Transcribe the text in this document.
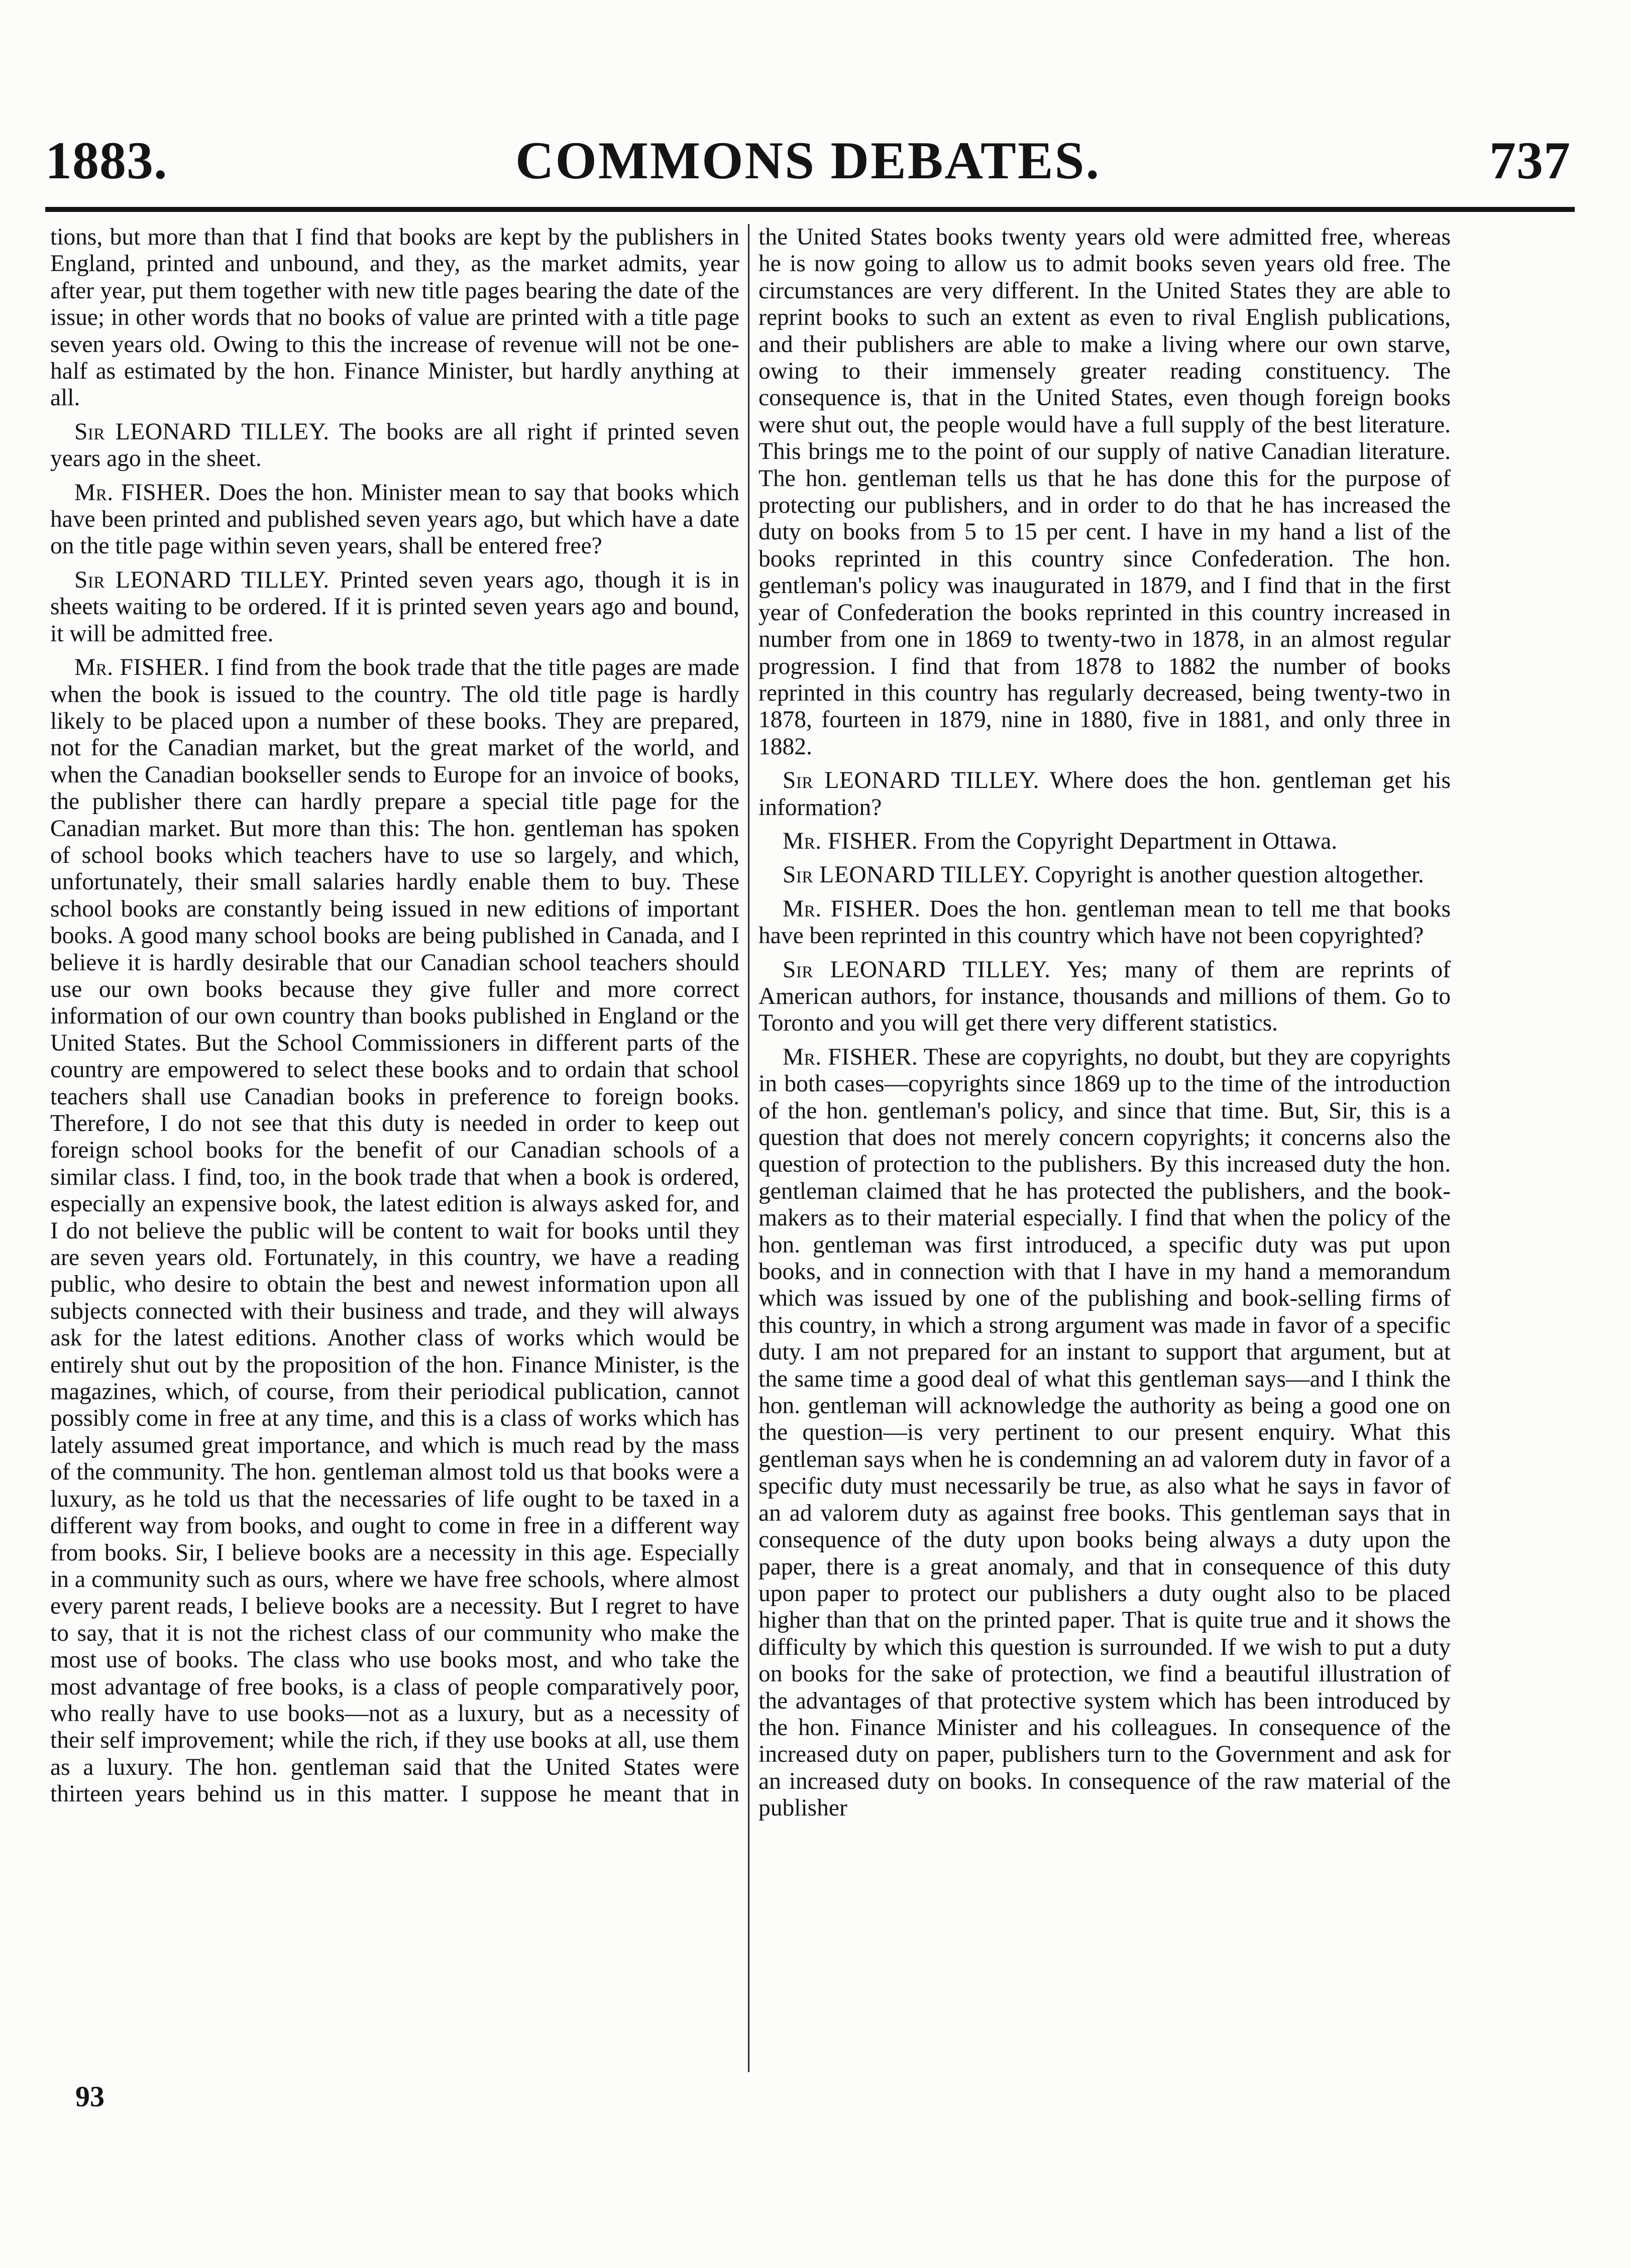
1883.	COMMONS DEBATES.	737

tions, but more than that I find that books are kept by the publishers in England, printed and unbound, and they, as the market admits, year after year, put them together with new title pages bearing the date of the issue; in other words that no books of value are printed with a title page seven years old. Owing to this the increase of revenue will not be one-half as estimated by the hon. Finance Minister, but hardly anything at all.

Sir LEONARD TILLEY. The books are all right if printed seven years ago in the sheet.

Mr. FISHER. Does the hon. Minister mean to say that books which have been printed and published seven years ago, but which have a date on the title page within seven years, shall be entered free?

Sir LEONARD TILLEY. Printed seven years ago, though it is in sheets waiting to be ordered. If it is printed seven years ago and bound, it will be admitted free.

Mr. FISHER. I find from the book trade that the title pages are made when the book is issued to the country. The old title page is hardly likely to be placed upon a number of these books. They are prepared, not for the Canadian market, but the great market of the world, and when the Canadian bookseller sends to Europe for an invoice of books, the publisher there can hardly prepare a special title page for the Canadian market. But more than this: The hon. gentleman has spoken of school books which teachers have to use so largely, and which, unfortunately, their small salaries hardly enable them to buy. These school books are constantly being issued in new editions of important books. A good many school books are being published in Canada, and I believe it is hardly desirable that our Canadian school teachers should use our own books because they give fuller and more correct information of our own country than books published in England or the United States. But the School Commissioners in different parts of the country are empowered to select these books and to ordain that school teachers shall use Canadian books in preference to foreign books. Therefore, I do not see that this duty is needed in order to keep out foreign school books for the benefit of our Canadian schools of a similar class. I find, too, in the book trade that when a book is ordered, especially an expensive book, the latest edition is always asked for, and I do not believe the public will be content to wait for books until they are seven years old. Fortunately, in this country, we have a reading public, who desire to obtain the best and newest information upon all subjects connected with their business and trade, and they will always ask for the latest editions. Another class of works which would be entirely shut out by the proposition of the hon. Finance Minister, is the magazines, which, of course, from their periodical publication, cannot possibly come in free at any time, and this is a class of works which has lately assumed great importance, and which is much read by the mass of the community. The hon. gentleman almost told us that books were a luxury, as he told us that the necessaries of life ought to be taxed in a different way from books, and ought to come in free in a different way from books. Sir, I believe books are a necessity in this age. Especially in a community such as ours, where we have free schools, where almost every parent reads, I believe books are a necessity. But I regret to have to say, that it is not the richest class of our community who make the most use of books. The class who use books most, and who take the most advantage of free books, is a class of people comparatively poor, who really have to use books—not as a luxury, but as a necessity of their self improvement; while the rich, if they use books at all, use them as a luxury. The hon. gentleman said that the United States were thirteen years behind us in this matter. I suppose he meant that in

the United States books twenty years old were admitted free, whereas he is now going to allow us to admit books seven years old free. The circumstances are very different. In the United States they are able to reprint books to such an extent as even to rival English publications, and their publishers are able to make a living where our own starve, owing to their immensely greater reading constituency. The consequence is, that in the United States, even though foreign books were shut out, the people would have a full supply of the best literature. This brings me to the point of our supply of native Canadian literature. The hon. gentleman tells us that he has done this for the purpose of protecting our publishers, and in order to do that he has increased the duty on books from 5 to 15 per cent. I have in my hand a list of the books reprinted in this country since Confederation. The hon. gentleman's policy was inaugurated in 1879, and I find that in the first year of Confederation the books reprinted in this country increased in number from one in 1869 to twenty-two in 1878, in an almost regular progression. I find that from 1878 to 1882 the number of books reprinted in this country has regularly decreased, being twenty-two in 1878, fourteen in 1879, nine in 1880, five in 1881, and only three in 1882.

Sir LEONARD TILLEY. Where does the hon. gentleman get his information?

Mr. FISHER. From the Copyright Department in Ottawa.

Sir LEONARD TILLEY. Copyright is another question altogether.

Mr. FISHER. Does the hon. gentleman mean to tell me that books have been reprinted in this country which have not been copyrighted?

Sir LEONARD TILLEY. Yes; many of them are reprints of American authors, for instance, thousands and millions of them. Go to Toronto and you will get there very different statistics.

Mr. FISHER. These are copyrights, no doubt, but they are copyrights in both cases—copyrights since 1869 up to the time of the introduction of the hon. gentleman's policy, and since that time. But, Sir, this is a question that does not merely concern copyrights; it concerns also the question of protection to the publishers. By this increased duty the hon. gentleman claimed that he has protected the publishers, and the book-makers as to their material especially. I find that when the policy of the hon. gentleman was first introduced, a specific duty was put upon books, and in connection with that I have in my hand a memorandum which was issued by one of the publishing and book-selling firms of this country, in which a strong argument was made in favor of a specific duty. I am not prepared for an instant to support that argument, but at the same time a good deal of what this gentleman says—and I think the hon. gentleman will acknowledge the authority as being a good one on the question—is very pertinent to our present enquiry. What this gentleman says when he is condemning an ad valorem duty in favor of a specific duty must necessarily be true, as also what he says in favor of an ad valorem duty as against free books. This gentleman says that in consequence of the duty upon books being always a duty upon the paper, there is a great anomaly, and that in consequence of this duty upon paper to protect our publishers a duty ought also to be placed higher than that on the printed paper. That is quite true and it shows the difficulty by which this question is surrounded. If we wish to put a duty on books for the sake of protection, we find a beautiful illustration of the advantages of that protective system which has been introduced by the hon. Finance Minister and his colleagues. In consequence of the increased duty on paper, publishers turn to the Government and ask for an increased duty on books. In consequence of the raw material of the publisher

93
